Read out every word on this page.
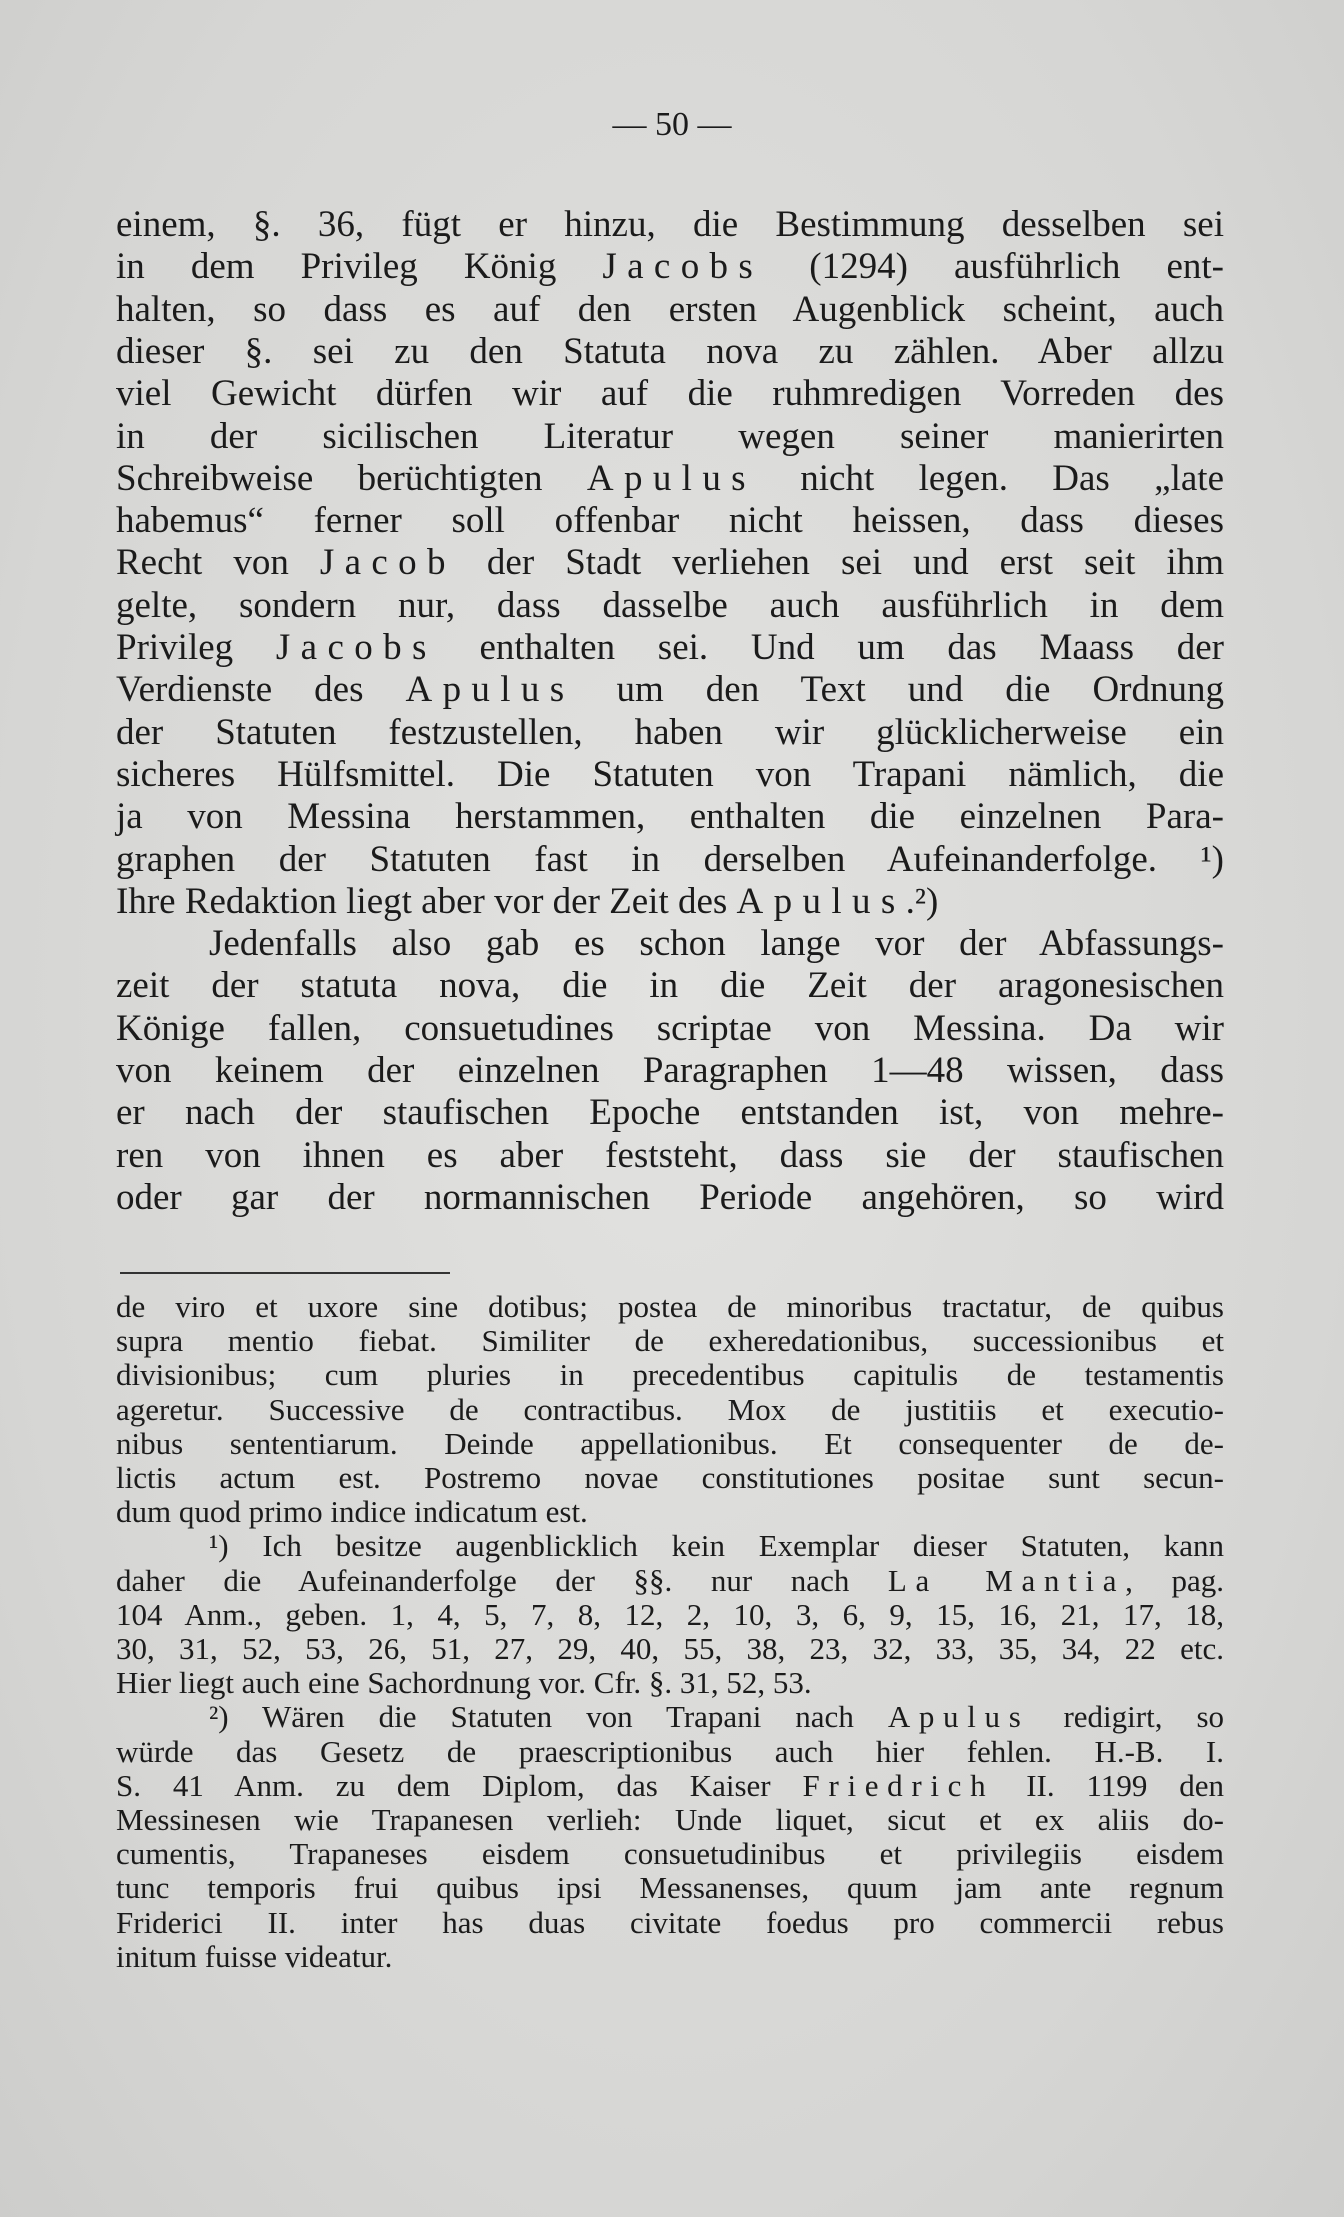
— 50 —
einem, §. 36, fügt er hinzu, die Bestimmung desselben sei
in dem Privileg König Jacobs (1294) ausführlich ent-
halten, so dass es auf den ersten Augenblick scheint, auch
dieser §. sei zu den Statuta nova zu zählen. Aber allzu
viel Gewicht dürfen wir auf die ruhmredigen Vorreden des
in der sicilischen Literatur wegen seiner manierirten
Schreibweise berüchtigten Apulus nicht legen. Das „late
habemus“ ferner soll offenbar nicht heissen, dass dieses
Recht von Jacob der Stadt verliehen sei und erst seit ihm
gelte, sondern nur, dass dasselbe auch ausführlich in dem
Privileg Jacobs enthalten sei. Und um das Maass der
Verdienste des Apulus um den Text und die Ordnung
der Statuten festzustellen, haben wir glücklicherweise ein
sicheres Hülfsmittel. Die Statuten von Trapani nämlich, die
ja von Messina herstammen, enthalten die einzelnen Para-
graphen der Statuten fast in derselben Aufeinanderfolge. ¹)
Ihre Redaktion liegt aber vor der Zeit des Apulus.²)
Jedenfalls also gab es schon lange vor der Abfassungs-
zeit der statuta nova, die in die Zeit der aragonesischen
Könige fallen, consuetudines scriptae von Messina. Da wir
von keinem der einzelnen Paragraphen 1—48 wissen, dass
er nach der staufischen Epoche entstanden ist, von mehre-
ren von ihnen es aber feststeht, dass sie der staufischen
oder gar der normannischen Periode angehören, so wird
de viro et uxore sine dotibus; postea de minoribus tractatur, de quibus
supra mentio fiebat. Similiter de exheredationibus, successionibus et
divisionibus; cum pluries in precedentibus capitulis de testamentis
ageretur. Successive de contractibus. Mox de justitiis et executio-
nibus sententiarum. Deinde appellationibus. Et consequenter de de-
lictis actum est. Postremo novae constitutiones positae sunt secun-
dum quod primo indice indicatum est.
¹) Ich besitze augenblicklich kein Exemplar dieser Statuten, kann
daher die Aufeinanderfolge der §§. nur nach La Mantia, pag.
104 Anm., geben. 1, 4, 5, 7, 8, 12, 2, 10, 3, 6, 9, 15, 16, 21, 17, 18,
30, 31, 52, 53, 26, 51, 27, 29, 40, 55, 38, 23, 32, 33, 35, 34, 22 etc.
Hier liegt auch eine Sachordnung vor. Cfr. §. 31, 52, 53.
²) Wären die Statuten von Trapani nach Apulus redigirt, so
würde das Gesetz de praescriptionibus auch hier fehlen. H.-B. I.
S. 41 Anm. zu dem Diplom, das Kaiser Friedrich II. 1199 den
Messinesen wie Trapanesen verlieh: Unde liquet, sicut et ex aliis do-
cumentis, Trapaneses eisdem consuetudinibus et privilegiis eisdem
tunc temporis frui quibus ipsi Messanenses, quum jam ante regnum
Friderici II. inter has duas civitate foedus pro commercii rebus
initum fuisse videatur.
